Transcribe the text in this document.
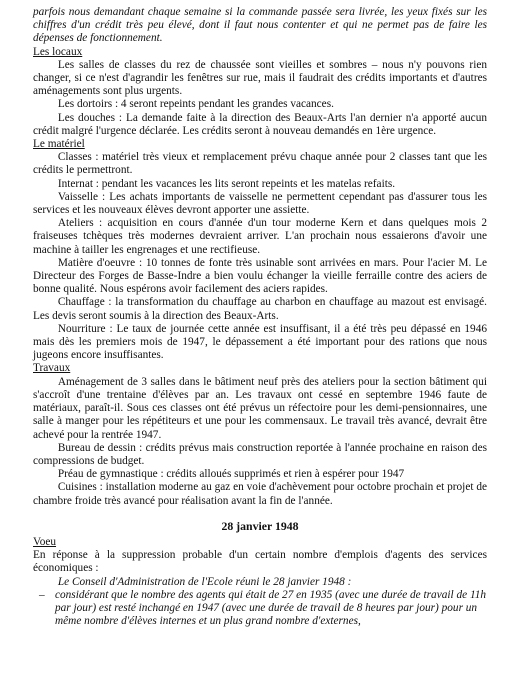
parfois nous demandant chaque semaine si la commande passée sera livrée, les yeux fixés sur les chiffres d'un crédit très peu élevé, dont il faut nous contenter et qui ne permet pas de faire les dépenses de fonctionnement.

Les locaux

Les salles de classes du rez de chaussée sont vieilles et sombres – nous n'y pouvons rien changer, si ce n'est d'agrandir les fenêtres sur rue, mais il faudrait des crédits importants et d'autres aménagements sont plus urgents.

Les dortoirs : 4 seront repeints pendant les grandes vacances.

Les douches : La demande faite à la direction des Beaux-Arts l'an dernier n'a apporté aucun crédit malgré l'urgence déclarée. Les crédits seront à nouveau demandés en 1ère urgence.

Le matériel

Classes : matériel très vieux et remplacement prévu chaque année pour 2 classes tant que les crédits le permettront.

Internat : pendant les vacances les lits seront repeints et les matelas refaits.

Vaisselle : Les achats importants de vaisselle ne permettent cependant pas d'assurer tous les services et les nouveaux élèves devront apporter une assiette.

Ateliers : acquisition en cours d'année d'un tour moderne Kern et dans quelques mois 2 fraiseuses tchèques très modernes devraient arriver. L'an prochain nous essaierons d'avoir une machine à tailler les engrenages et une rectifieuse.

Matière d'oeuvre : 10 tonnes de fonte très usinable sont arrivées en mars. Pour l'acier M. Le Directeur des Forges de Basse-Indre a bien voulu échanger la vieille ferraille contre des aciers de bonne qualité. Nous espérons avoir facilement des aciers rapides.

Chauffage : la transformation du chauffage au charbon en chauffage au mazout est envisagé. Les devis seront soumis à la direction des Beaux-Arts.

Nourriture : Le taux de journée cette année est insuffisant, il a été très peu dépassé en 1946 mais dès les premiers mois de 1947, le dépassement a été important pour des rations que nous jugeons encore insuffisantes.

Travaux

Aménagement de 3 salles dans le bâtiment neuf près des ateliers pour la section bâtiment qui s'accroît d'une trentaine d'élèves par an. Les travaux ont cessé en septembre 1946 faute de matériaux, paraît-il. Sous ces classes ont été prévus un réfectoire pour les demi-pensionnaires, une salle à manger pour les répétiteurs et une pour les commensaux. Le travail très avancé, devrait être achevé pour la rentrée 1947.

Bureau de dessin : crédits prévus mais construction reportée à l'année prochaine en raison des compressions de budget.

Préau de gymnastique : crédits alloués supprimés et rien à espérer pour 1947

Cuisines : installation moderne au gaz en voie d'achèvement pour octobre prochain et projet de chambre froide très avancé pour réalisation avant la fin de l'année.

28 janvier 1948

Voeu

En réponse à la suppression probable d'un certain nombre d'emplois d'agents des services économiques :

Le Conseil d'Administration de l'Ecole réuni le 28 janvier 1948 :

– considérant que le nombre des agents qui était de 27 en 1935 (avec une durée de travail de 11h par jour) est resté inchangé en 1947 (avec une durée de travail de 8 heures par jour) pour un même nombre d'élèves internes et un plus grand nombre d'externes,
